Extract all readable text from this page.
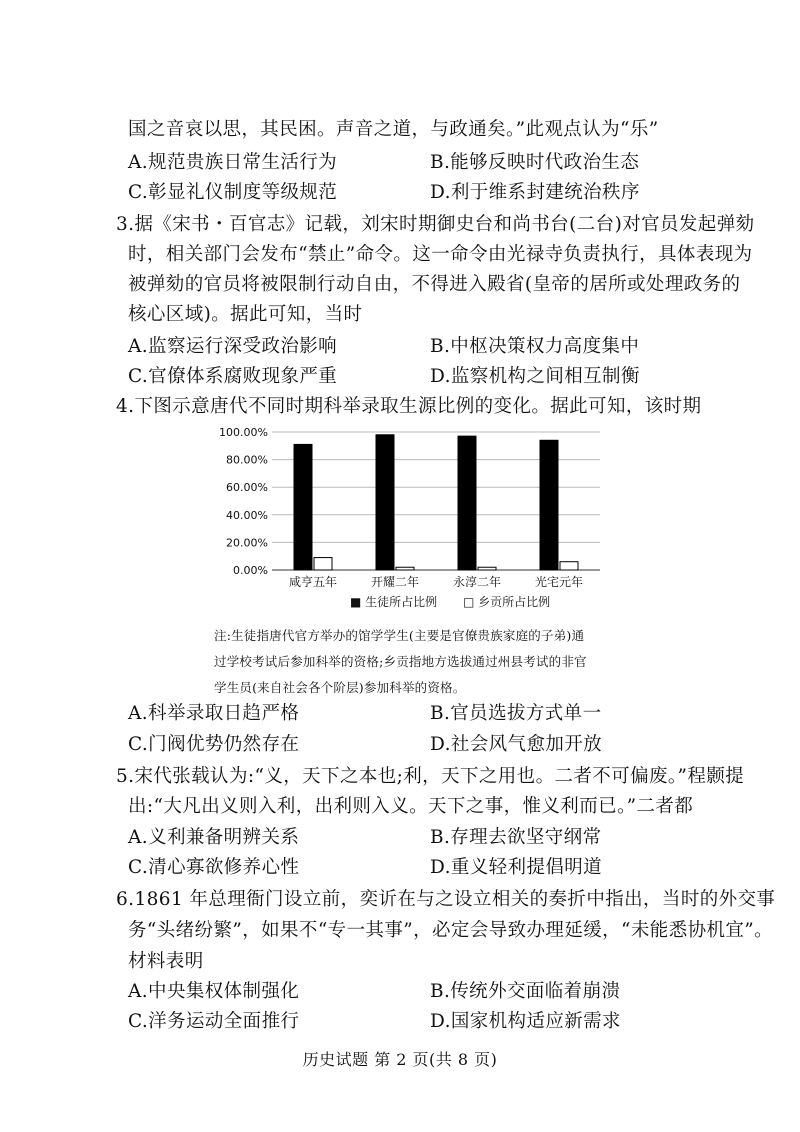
国之音哀以思，其民困。声音之道，与政通矣。”此观点认为“乐”
A.规范贵族日常生活行为	B.能够反映时代政治生态
C.彰显礼仪制度等级规范	D.利于维系封建统治秩序
3.据《宋书・百官志》记载，刘宋时期御史台和尚书台(二台)对官员发起弹劾
时，相关部门会发布“禁止”命令。这一命令由光禄寺负责执行，具体表现为
被弹劾的官员将被限制行动自由，不得进入殿省(皇帝的居所或处理政务的
核心区域)。据此可知，当时
A.监察运行深受政治影响	B.中枢决策权力高度集中
C.官僚体系腐败现象严重	D.监察机构之间相互制衡
4.下图示意唐代不同时期科举录取生源比例的变化。据此可知，该时期
0.00%
20.00%
40.00%
60.00%
80.00%
100.00%
咸亨五年	开耀二年	永淳二年	光宅元年
■ 生徒所占比例 □ 乡贡所占比例
注:生徒指唐代官方举办的馆学学生(主要是官僚贵族家庭的子弟)通
过学校考试后参加科举的资格;乡贡指地方选拔通过州县考试的非官
学生员(来自社会各个阶层)参加科举的资格。
A.科举录取日趋严格	B.官员选拔方式单一
C.门阀优势仍然存在	D.社会风气愈加开放
5.宋代张载认为:“义，天下之本也;利，天下之用也。二者不可偏废。”程颢提
出:“大凡出义则入利，出利则入义。天下之事，惟义利而已。”二者都
A.义利兼备明辨关系	B.存理去欲坚守纲常
C.清心寡欲修养心性	D.重义轻利提倡明道
6.1861 年总理衙门设立前，奕䜣在与之设立相关的奏折中指出，当时的外交事
务“头绪纷繁”，如果不“专一其事”，必定会导致办理延缓，“未能悉协机宜”。
材料表明
A.中央集权体制强化	B.传统外交面临着崩溃
C.洋务运动全面推行	D.国家机构适应新需求
历史试题 第 2 页(共 8 页)
